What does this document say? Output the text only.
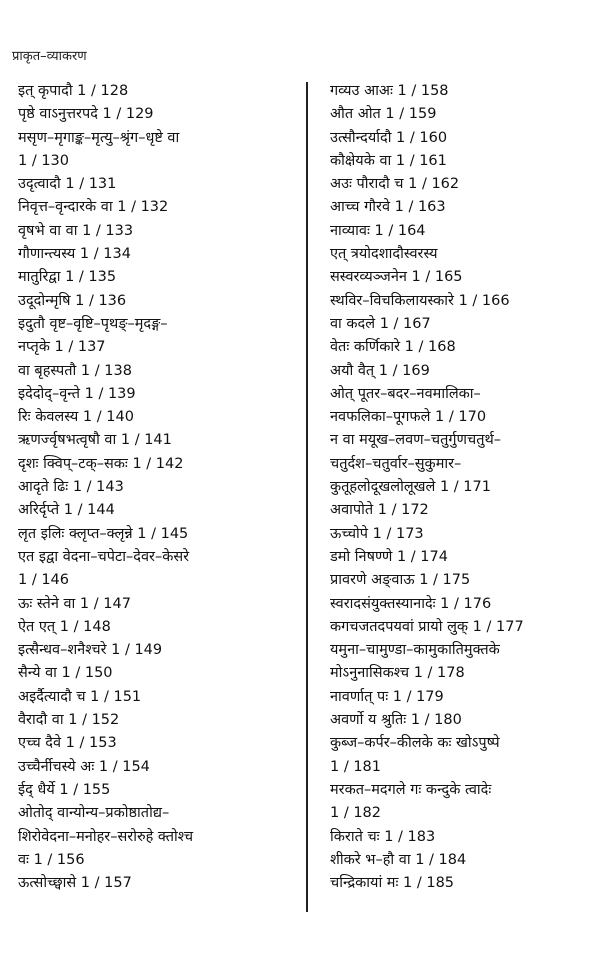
प्राकृत–व्याकरण
इत् कृपादौ 1 / 128
पृष्ठे वाऽनुत्तरपदे 1 / 129
मसृण–मृगाङ्क–मृत्यु–श्रृंग–धृष्टे वा
1 / 130
उदृत्वादौ 1 / 131
निवृत्त–वृन्दारके वा 1 / 132
वृषभे वा वा 1 / 133
गौणान्त्यस्य 1 / 134
मातुरिद्वा 1 / 135
उदूदोन्मृषि 1 / 136
इदुतौ वृष्ट–वृष्टि–पृथङ्–मृदङ्ग–
नप्तृके 1 / 137
वा बृहस्पतौ 1 / 138
इदेदोद्–वृन्ते 1 / 139
रिः केवलस्य 1 / 140
ऋणर्ज्वृषभत्वृषौ वा 1 / 141
दृशः क्विप्–टक्–सकः 1 / 142
आदृते ढिः 1 / 143
अरिर्दृप्ते 1 / 144
लृत इलिः क्लृप्त–क्लृन्ने 1 / 145
एत इद्वा वेदना–चपेटा–देवर–केसरे
1 / 146
ऊः स्तेने वा 1 / 147
ऐत एत् 1 / 148
इत्सैन्धव–शनैश्चरे 1 / 149
सैन्ये वा 1 / 150
अइर्दैत्यादौ च 1 / 151
वैरादौ वा 1 / 152
एच्च दैवे 1 / 153
उच्चैर्नीचस्ये अः 1 / 154
ईद् धैर्ये 1 / 155
ओतोद् वान्योन्य–प्रकोष्ठातोद्य–
शिरोवेदना–मनोहर–सरोरुहे क्तोश्च
वः 1 / 156
ऊत्सोच्छ्वासे 1 / 157
गव्यउ आअः 1 / 158
औत ओत 1 / 159
उत्सौन्दर्यादौ 1 / 160
कौक्षेयके वा 1 / 161
अउः पौरादौ च 1 / 162
आच्च गौरवे 1 / 163
नाव्यावः 1 / 164
एत् त्रयोदशादौस्वरस्य
सस्वरव्यञ्जनेन 1 / 165
स्थविर–विचकिलायस्कारे 1 / 166
वा कदले 1 / 167
वेतः कर्णिकारे 1 / 168
अयौ वैत् 1 / 169
ओत् पूतर–बदर–नवमालिका–
नवफलिका–पूगफले 1 / 170
न वा मयूख–लवण–चतुर्गुणचतुर्थ–
चतुर्दश–चतुर्वार–सुकुमार–
कुतूहलोदूखलोलूखले 1 / 171
अवापोते 1 / 172
ऊच्चोपे 1 / 173
डमो निषण्णे 1 / 174
प्रावरणे अङ्वाऊ 1 / 175
स्वरादसंयुक्तस्यानादेः 1 / 176
कगचजतदपयवां प्रायो लुक् 1 / 177
यमुना–चामुण्डा–कामुकातिमुक्तके
मोऽनुनासिकश्च 1 / 178
नावर्णात् पः 1 / 179
अवर्णो य श्रुतिः 1 / 180
कुब्ज–कर्पर–कीलके कः खोऽपुष्पे
1 / 181
मरकत–मदगले गः कन्दुके त्वादेः
1 / 182
किराते चः 1 / 183
शीकरे भ–हौ वा 1 / 184
चन्द्रिकायां मः 1 / 185
